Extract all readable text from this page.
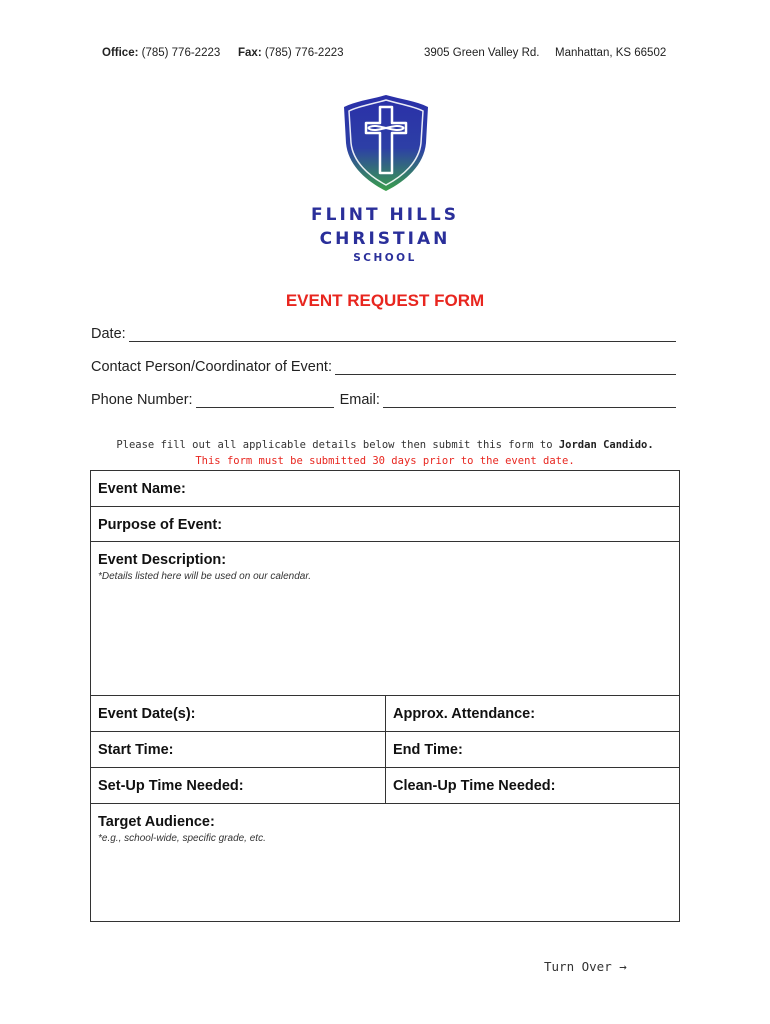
Office: (785) 776-2223 Fax: (785) 776-2223	3905 Green Valley Rd. Manhattan, KS 66502
FLINT HILLS
CHRISTIAN
SCHOOL
EVENT REQUEST FORM
Date:
Contact Person/Coordinator of Event:
Phone Number:	Email:
Please fill out all applicable details below then submit this form to Jordan Candido.
This form must be submitted 30 days prior to the event date.
Event Name:
Purpose of Event:
Event Description:
*Details listed here will be used on our calendar.
Event Date(s):	Approx. Attendance:
Start Time:	End Time:
Set-Up Time Needed:	Clean-Up Time Needed:
Target Audience:
*e.g., school-wide, specific grade, etc.
Turn Over →
